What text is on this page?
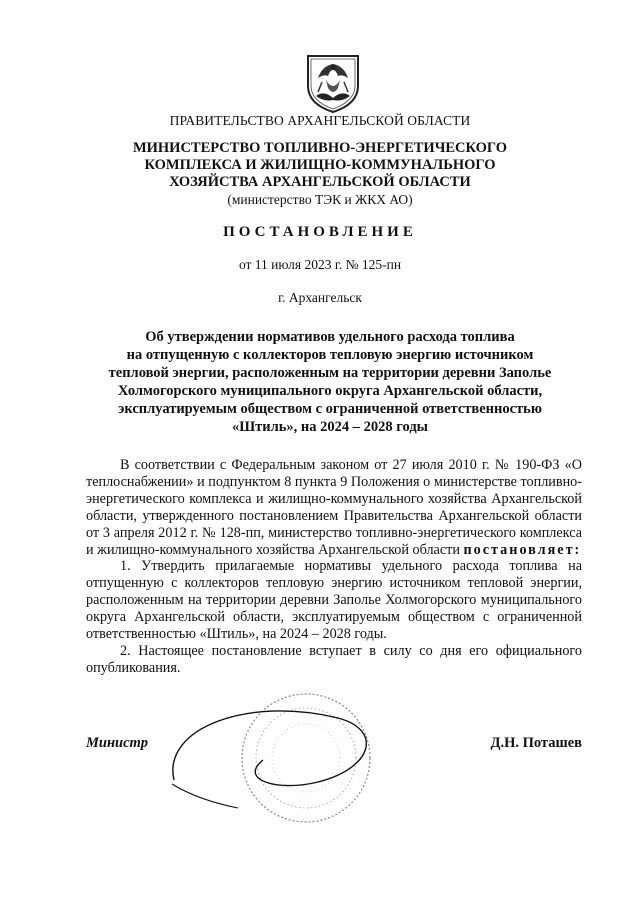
ПРАВИТЕЛЬСТВО АРХАНГЕЛЬСКОЙ ОБЛАСТИ
МИНИСТЕРСТВО ТОПЛИВНО-ЭНЕРГЕТИЧЕСКОГО
КОМПЛЕКСА И ЖИЛИЩНО-КОММУНАЛЬНОГО
ХОЗЯЙСТВА АРХАНГЕЛЬСКОЙ ОБЛАСТИ
(министерство ТЭК и ЖКХ АО)
ПОСТАНОВЛЕНИЕ
от 11 июля 2023 г. № 125-пн
г. Архангельск
Об утверждении нормативов удельного расхода топлива
на отпущенную с коллекторов тепловую энергию источником
тепловой энергии, расположенным на территории деревни Заполье
Холмогорского муниципального округа Архангельской области,
эксплуатируемым обществом с ограниченной ответственностью
«Штиль», на 2024 – 2028 годы

В соответствии с Федеральным законом от 27 июля 2010 г. № 190-ФЗ «О теплоснабжении» и подпунктом 8 пункта 9 Положения о министерстве топливно-энергетического комплекса и жилищно-коммунального хозяйства Архангельской области, утвержденного постановлением Правительства Архангельской области от 3 апреля 2012 г. № 128-пп, министерство топливно-энергетического комплекса и жилищно-коммунального хозяйства Архангельской области постановляет:

1. Утвердить прилагаемые нормативы удельного расхода топлива на отпущенную с коллекторов тепловую энергию источником тепловой энергии, расположенным на территории деревни Заполье Холмогорского муниципального округа Архангельской области, эксплуатируемым обществом с ограниченной ответственностью «Штиль», на 2024 – 2028 годы.

2. Настоящее постановление вступает в силу со дня его официального опубликования.

Министр	Д.Н. Поташев
